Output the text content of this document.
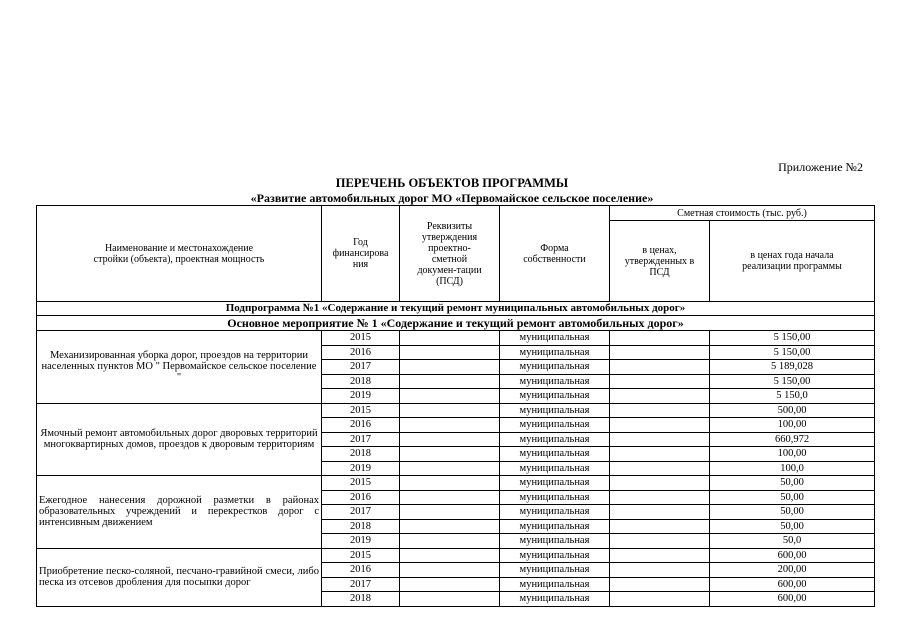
Приложение №2
ПЕРЕЧЕНЬ ОБЪЕКТОВ ПРОГРАММЫ
«Развитие автомобильных дорог МО «Первомайское сельское поселение»
Наименование и местонахождение стройки (объекта), проектная мощность	Год финансирова ния	Реквизиты утверждения проектно-сметной докумен-тации (ПСД)	Форма собственности	Сметная стоимость (тыс. руб.)	
				в ценах, утвержденных в ПСД	в ценах года начала реализации программы
Подпрограмма №1 «Содержание и текущий ремонт муниципальных автомобильных дорог»					
Основное мероприятие № 1 «Содержание и текущий ремонт автомобильных дорог»					
Механизированная уборка дорог, проездов на территории населенных пунктов МО " Первомайское сельское поселение "	2015		муниципальная		5 150,00
	2016		муниципальная		5 150,00
	2017		муниципальная		5 189,028
	2018		муниципальная		5 150,00
	2019		муниципальная		5 150,0
Ямочный ремонт автомобильных дорог дворовых территорий многоквартирных домов, проездов к дворовым территориям	2015		муниципальная		500,00
	2016		муниципальная		100,00
	2017		муниципальная		660,972
	2018		муниципальная		100,00
	2019		муниципальная		100,0
Ежегодное нанесения дорожной разметки в районах образовательных учреждений и перекрестков дорог с интенсивным движением	2015		муниципальная		50,00
	2016		муниципальная		50,00
	2017		муниципальная		50,00
	2018		муниципальная		50,00
	2019		муниципальная		50,0
Приобретение песко-соляной, песчано-гравийной смеси, либо песка из отсевов дробления для посыпки дорог	2015		муниципальная		600,00
	2016		муниципальная		200,00
	2017		муниципальная		600,00
	2018		муниципальная		600,00
